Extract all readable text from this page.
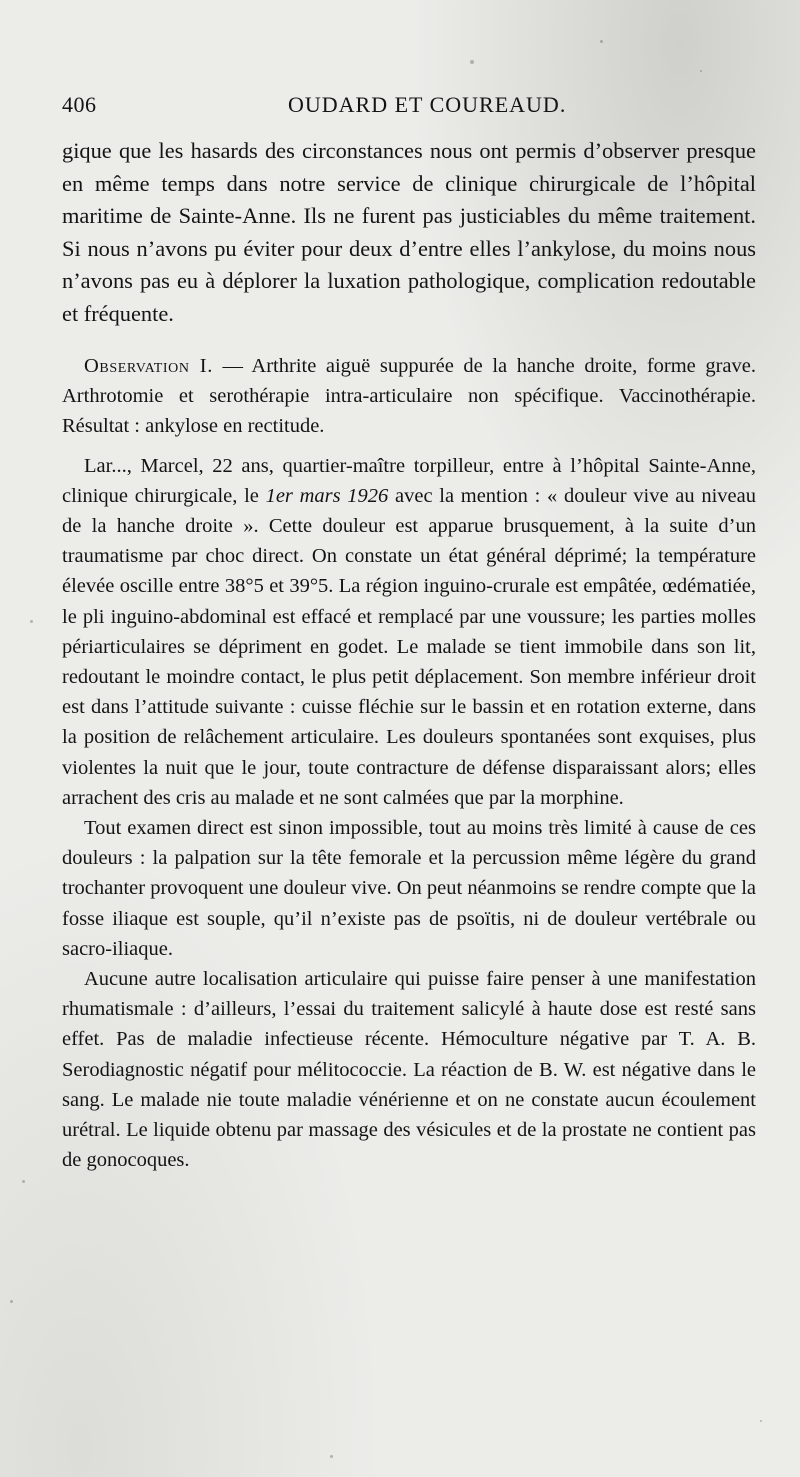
406	OUDARD ET COUREAUD.

gique que les hasards des circonstances nous ont permis d’observer presque en même temps dans notre service de clinique chirurgicale de l’hôpital maritime de Sainte-Anne. Ils ne furent pas justiciables du même traitement. Si nous n’avons pu éviter pour deux d’entre elles l’ankylose, du moins nous n’avons pas eu à déplorer la luxation pathologique, complication redoutable et fréquente.

Observation I. — Arthrite aiguë suppurée de la hanche droite, forme grave. Arthrotomie et serothérapie intra-articulaire non spécifique. Vaccinothérapie. Résultat : ankylose en rectitude.

Lar..., Marcel, 22 ans, quartier-maître torpilleur, entre à l’hôpital Sainte-Anne, clinique chirurgicale, le 1er mars 1926 avec la mention : « douleur vive au niveau de la hanche droite ». Cette douleur est apparue brusquement, à la suite d’un traumatisme par choc direct. On constate un état général déprimé; la température élevée oscille entre 38°5 et 39°5. La région inguino-crurale est empâtée, œdématiée, le pli inguino-abdominal est effacé et remplacé par une voussure; les parties molles périarticulaires se dépriment en godet. Le malade se tient immobile dans son lit, redoutant le moindre contact, le plus petit déplacement. Son membre inférieur droit est dans l’attitude suivante : cuisse fléchie sur le bassin et en rotation externe, dans la position de relâchement articulaire. Les douleurs spontanées sont exquises, plus violentes la nuit que le jour, toute contracture de défense disparaissant alors; elles arrachent des cris au malade et ne sont calmées que par la morphine.

Tout examen direct est sinon impossible, tout au moins très limité à cause de ces douleurs : la palpation sur la tête femorale et la percussion même légère du grand trochanter provoquent une douleur vive. On peut néanmoins se rendre compte que la fosse iliaque est souple, qu’il n’existe pas de psoïtis, ni de douleur vertébrale ou sacro-iliaque.

Aucune autre localisation articulaire qui puisse faire penser à une manifestation rhumatismale : d’ailleurs, l’essai du traitement salicylé à haute dose est resté sans effet. Pas de maladie infectieuse récente. Hémoculture négative par T. A. B. Serodiagnostic négatif pour mélitococcie. La réaction de B. W. est négative dans le sang. Le malade nie toute maladie vénérienne et on ne constate aucun écoulement urétral. Le liquide obtenu par massage des vésicules et de la prostate ne contient pas de gonocoques.
